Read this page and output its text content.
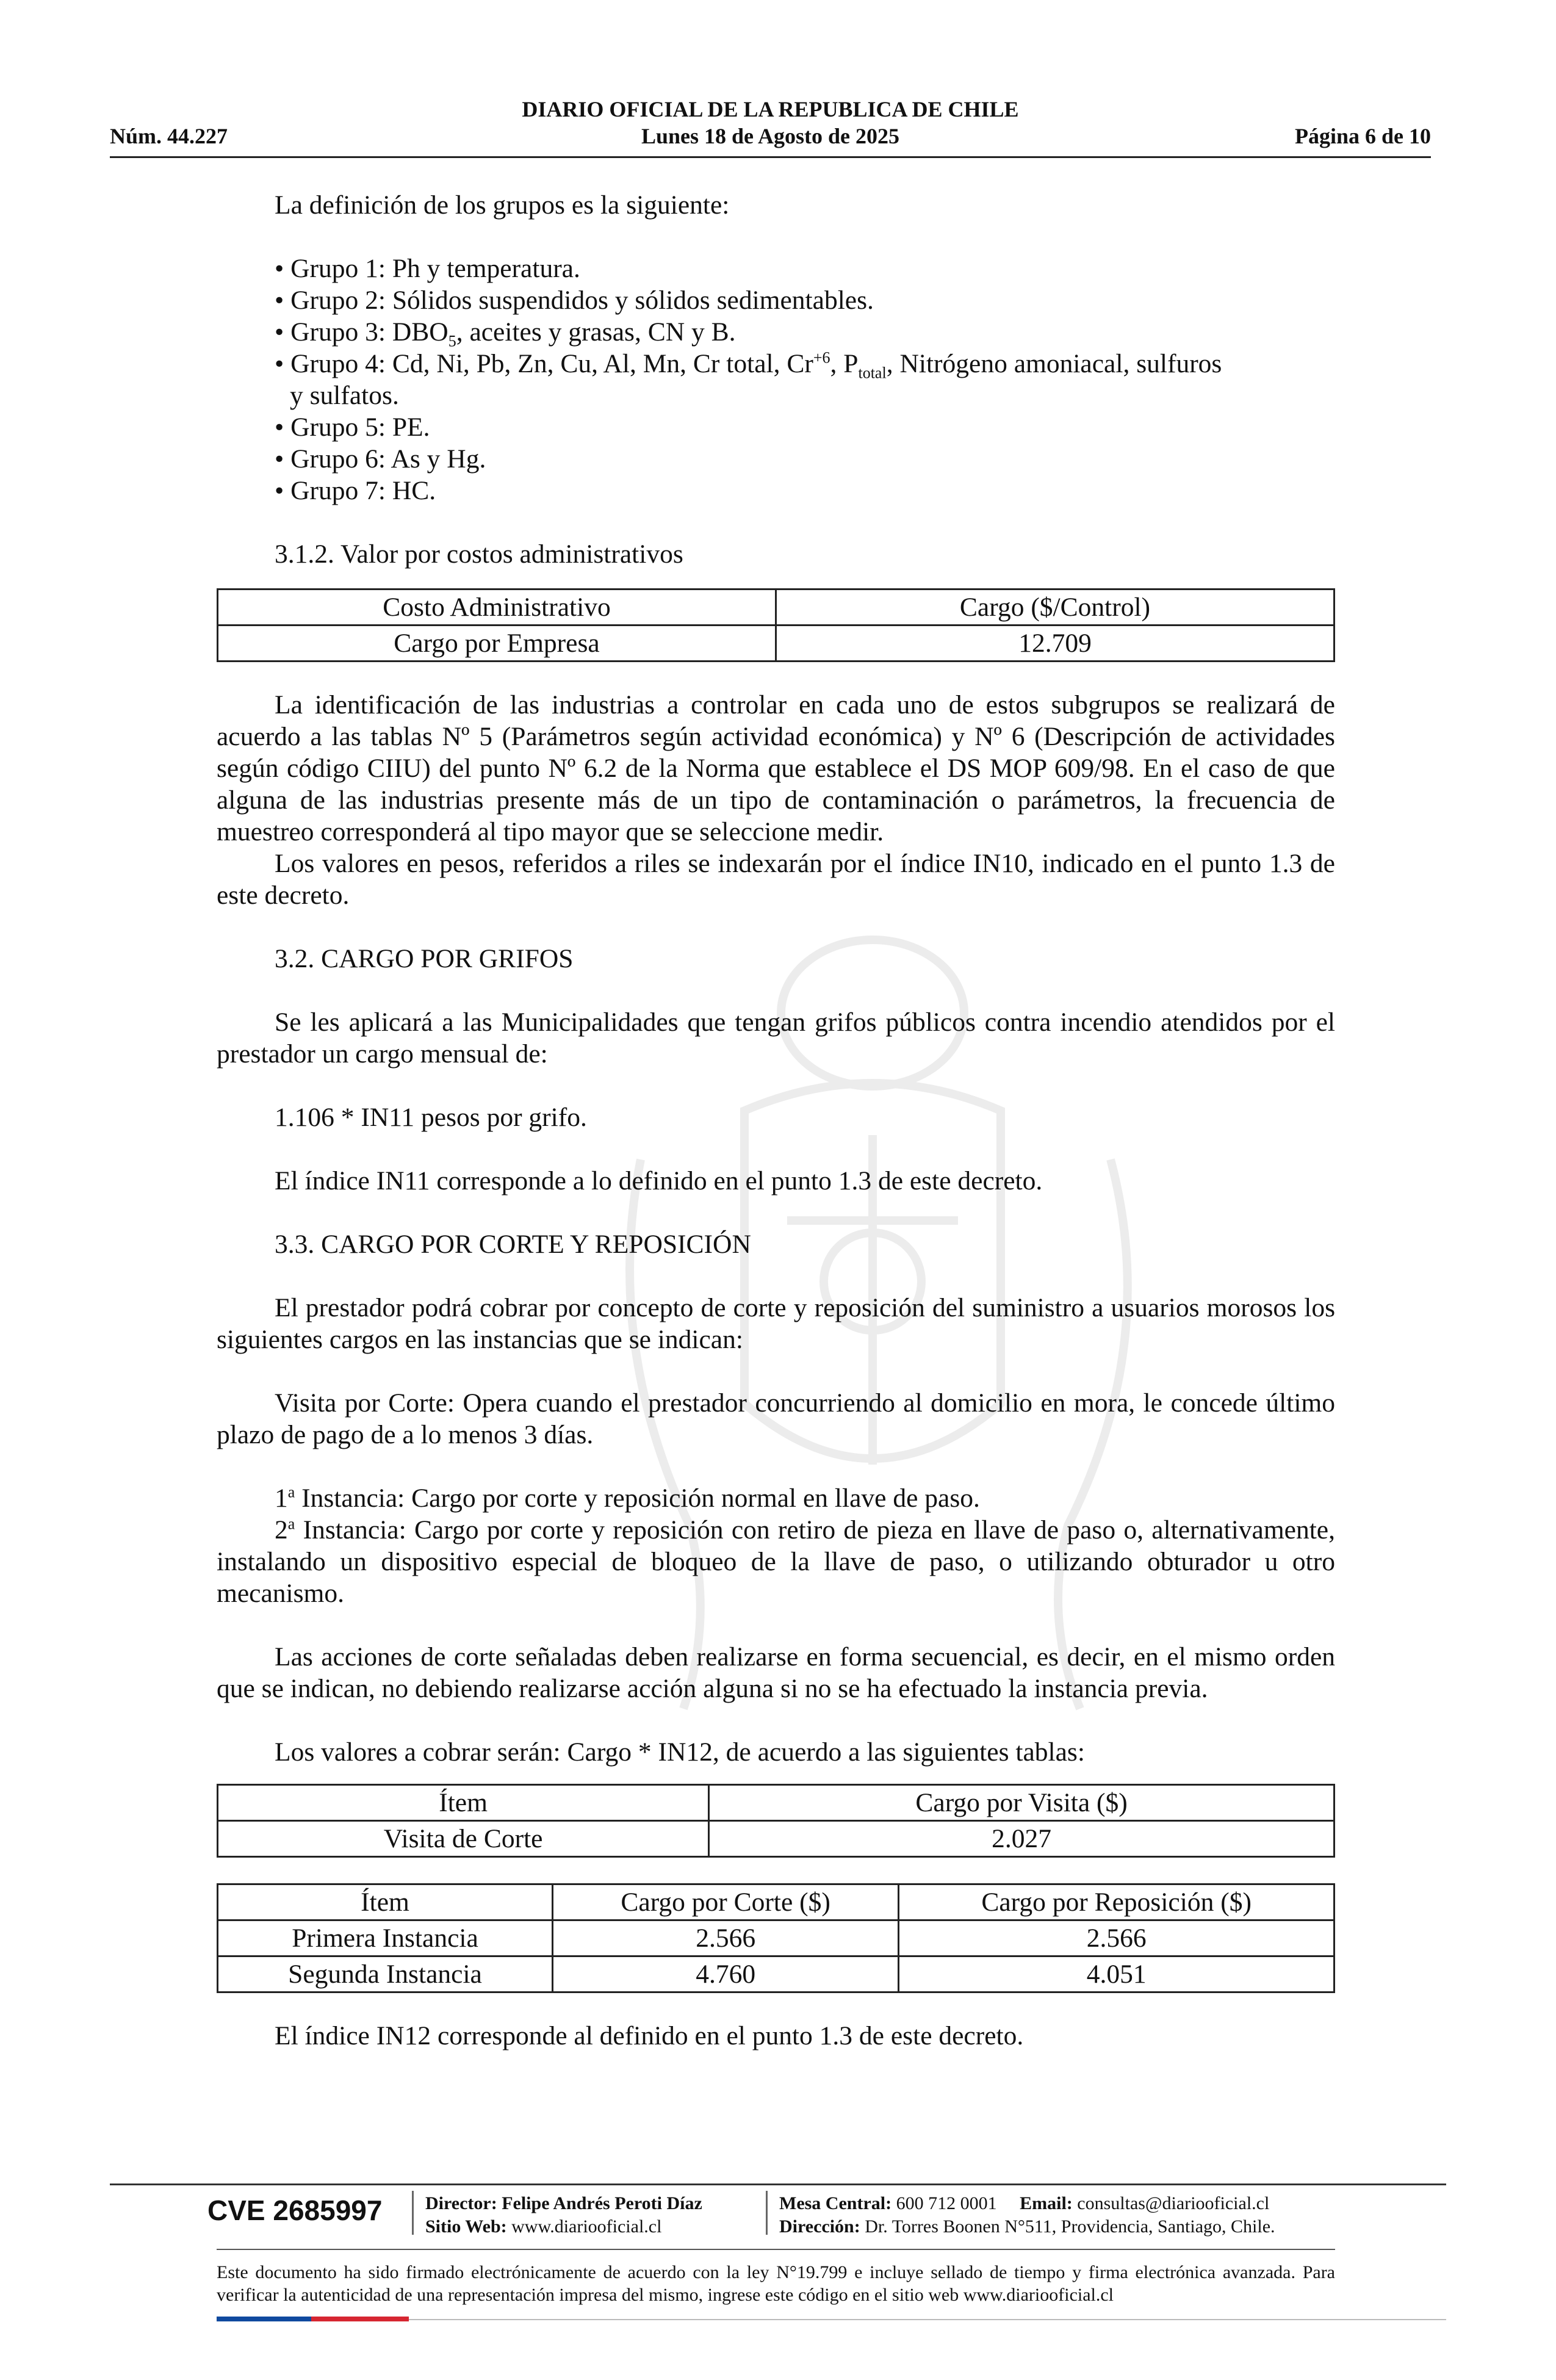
DIARIO OFICIAL DE LA REPUBLICA DE CHILE
Núm. 44.227	Lunes 18 de Agosto de 2025	Página 6 de 10

La definición de los grupos es la siguiente:

• Grupo 1: Ph y temperatura.

• Grupo 2: Sólidos suspendidos y sólidos sedimentables.

• Grupo 3: $DBO_5$, aceites y grasas, CN y B.

• Grupo 4: Cd, Ni, Pb, Zn, Cu, Al, Mn, Cr total, $Cr^{+6}$, $P_{total}$, Nitrógeno amoniacal, sulfuros

y sulfatos.

• Grupo 5: PE.

• Grupo 6: As y Hg.

• Grupo 7: HC.

3.1.2. Valor por costos administrativos

Costo Administrativo	Cargo ($/Control)
Cargo por Empresa	12.709

La identificación de las industrias a controlar en cada uno de estos subgrupos se realizará de acuerdo a las tablas Nº 5 (Parámetros según actividad económica) y Nº 6 (Descripción de actividades según código CIIU) del punto Nº 6.2 de la Norma que establece el DS MOP 609/98. En el caso de que alguna de las industrias presente más de un tipo de contaminación o parámetros, la frecuencia de muestreo corresponderá al tipo mayor que se seleccione medir.

Los valores en pesos, referidos a riles se indexarán por el índice IN10, indicado en el punto 1.3 de este decreto.

3.2. CARGO POR GRIFOS

Se les aplicará a las Municipalidades que tengan grifos públicos contra incendio atendidos por el prestador un cargo mensual de:

1.106 * IN11 pesos por grifo.

El índice IN11 corresponde a lo definido en el punto 1.3 de este decreto.

3.3. CARGO POR CORTE Y REPOSICIÓN

El prestador podrá cobrar por concepto de corte y reposición del suministro a usuarios morosos los siguientes cargos en las instancias que se indican:

Visita por Corte: Opera cuando el prestador concurriendo al domicilio en mora, le concede último plazo de pago de a lo menos 3 días.

1$^a$ Instancia: Cargo por corte y reposición normal en llave de paso.

2$^a$ Instancia: Cargo por corte y reposición con retiro de pieza en llave de paso o, alternativamente, instalando un dispositivo especial de bloqueo de la llave de paso, o utilizando obturador u otro mecanismo.

Las acciones de corte señaladas deben realizarse en forma secuencial, es decir, en el mismo orden que se indican, no debiendo realizarse acción alguna si no se ha efectuado la instancia previa.

Los valores a cobrar serán: Cargo * IN12, de acuerdo a las siguientes tablas:

Ítem	Cargo por Visita ($)
Visita de Corte	2.027
Ítem	Cargo por Corte ($)	Cargo por Reposición ($)
Primera Instancia	2.566	2.566
Segunda Instancia	4.760	4.051

El índice IN12 corresponde al definido en el punto 1.3 de este decreto.

CVE 2685997 Director: Felipe Andrés Peroti Díaz
Sitio Web: www.diariooficial.cl
Mesa Central: 600 712 0001 Email: consultas@diariooficial.cl
Dirección: Dr. Torres Boonen N°511, Providencia, Santiago, Chile.
Este documento ha sido firmado electrónicamente de acuerdo con la ley N°19.799 e incluye sellado de tiempo y firma electrónica avanzada. Para verificar la autenticidad de una representación impresa del mismo, ingrese este código en el sitio web www.diariooficial.cl
